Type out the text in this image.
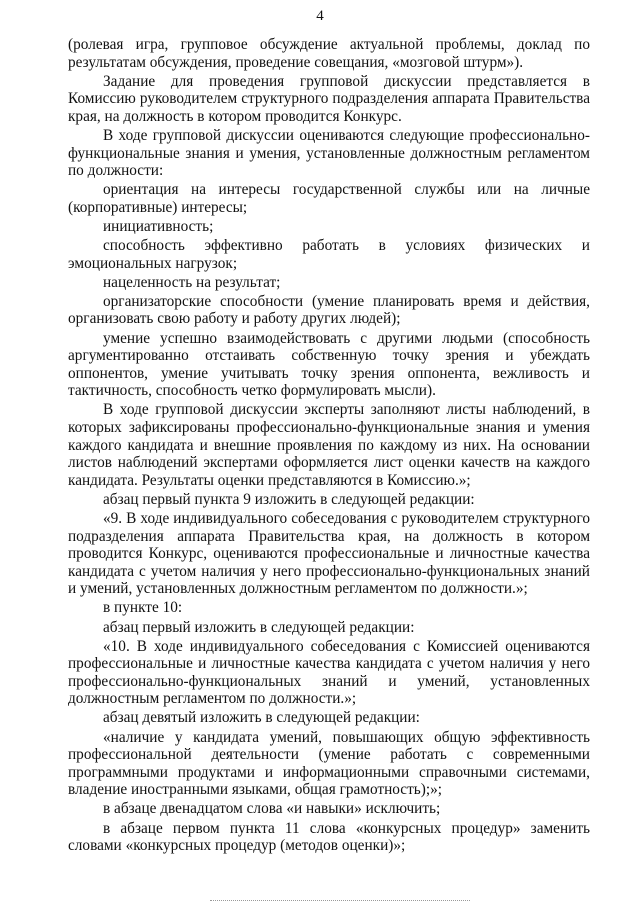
4

(ролевая игра, групповое обсуждение актуальной проблемы, доклад по результатам обсуждения, проведение совещания, «мозговой штурм»).

Задание для проведения групповой дискуссии представляется в Комиссию руководителем структурного подразделения аппарата Правительства края, на должность в котором проводится Конкурс.

В ходе групповой дискуссии оцениваются следующие профессионально-функциональные знания и умения, установленные должностным регламентом по должности:

ориентация на интересы государственной службы или на личные (корпоративные) интересы;

инициативность;

способность эффективно работать в условиях физических и эмоциональных нагрузок;

нацеленность на результат;

организаторские способности (умение планировать время и действия, организовать свою работу и работу других людей);

умение успешно взаимодействовать с другими людьми (способность аргументированно отстаивать собственную точку зрения и убеждать оппонентов, умение учитывать точку зрения оппонента, вежливость и тактичность, способность четко формулировать мысли).

В ходе групповой дискуссии эксперты заполняют листы наблюдений, в которых зафиксированы профессионально-функциональные знания и умения каждого кандидата и внешние проявления по каждому из них. На основании листов наблюдений экспертами оформляется лист оценки качеств на каждого кандидата. Результаты оценки представляются в Комиссию.»;

абзац первый пункта 9 изложить в следующей редакции:

«9. В ходе индивидуального собеседования с руководителем структурного подразделения аппарата Правительства края, на должность в котором проводится Конкурс, оцениваются профессиональные и личностные качества кандидата с учетом наличия у него профессионально-функциональных знаний и умений, установленных должностным регламентом по должности.»;

в пункте 10:

абзац первый изложить в следующей редакции:

«10. В ходе индивидуального собеседования с Комиссией оцениваются профессиональные и личностные качества кандидата с учетом наличия у него профессионально-функциональных знаний и умений, установленных должностным регламентом по должности.»;

абзац девятый изложить в следующей редакции:

«наличие у кандидата умений, повышающих общую эффективность профессиональной деятельности (умение работать с современными программными продуктами и информационными справочными системами, владение иностранными языками, общая грамотность);»;

в абзаце двенадцатом слова «и навыки» исключить;

в абзаце первом пункта 11 слова «конкурсных процедур» заменить словами «конкурсных процедур (методов оценки)»;
